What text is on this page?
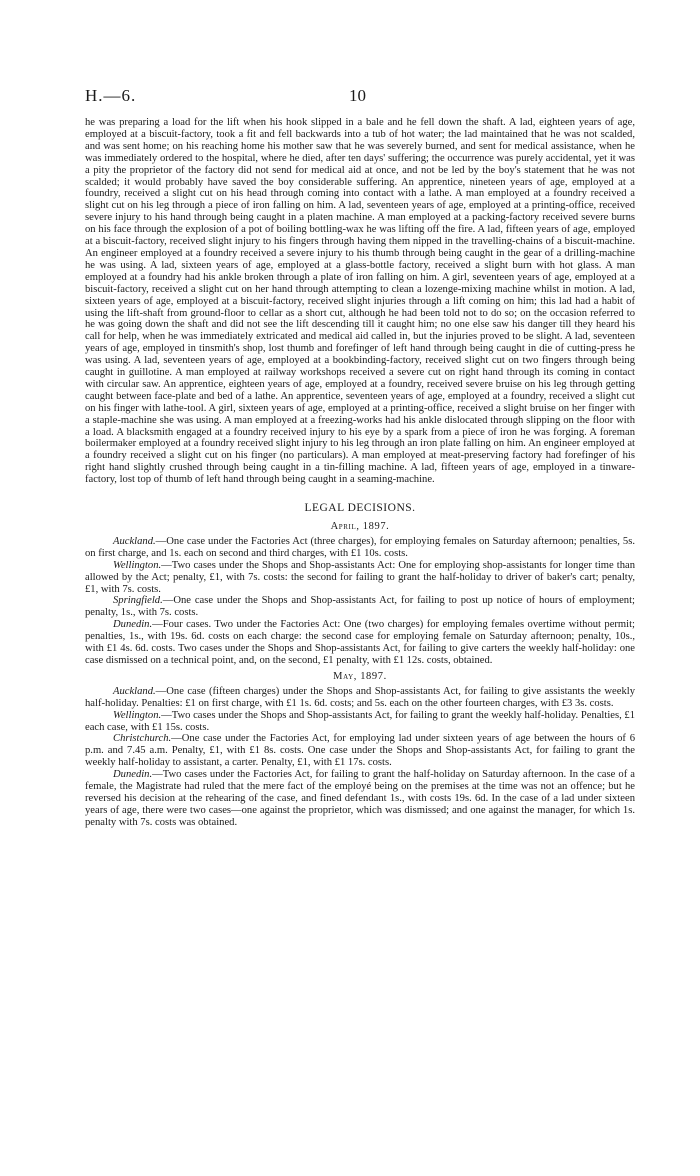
H.—6.	10

he was preparing a load for the lift when his hook slipped in a bale and he fell down the shaft. A lad, eighteen years of age, employed at a biscuit-factory, took a fit and fell backwards into a tub of hot water; the lad maintained that he was not scalded, and was sent home; on his reaching home his mother saw that he was severely burned, and sent for medical assistance, when he was immediately ordered to the hospital, where he died, after ten days' suffering; the occurrence was purely accidental, yet it was a pity the proprietor of the factory did not send for medical aid at once, and not be led by the boy's statement that he was not scalded; it would probably have saved the boy considerable suffering. An apprentice, nineteen years of age, employed at a foundry, received a slight cut on his head through coming into contact with a lathe. A man employed at a foundry received a slight cut on his leg through a piece of iron falling on him. A lad, seventeen years of age, employed at a printing-office, received severe injury to his hand through being caught in a platen machine. A man employed at a packing-factory received severe burns on his face through the explosion of a pot of boiling bottling-wax he was lifting off the fire. A lad, fifteen years of age, employed at a biscuit-factory, received slight injury to his fingers through having them nipped in the travelling-chains of a biscuit-machine. An engineer employed at a foundry received a severe injury to his thumb through being caught in the gear of a drilling-machine he was using. A lad, sixteen years of age, employed at a glass-bottle factory, received a slight burn with hot glass. A man employed at a foundry had his ankle broken through a plate of iron falling on him. A girl, seventeen years of age, employed at a biscuit-factory, received a slight cut on her hand through attempting to clean a lozenge-mixing machine whilst in motion. A lad, sixteen years of age, employed at a biscuit-factory, received slight injuries through a lift coming on him; this lad had a habit of using the lift-shaft from ground-floor to cellar as a short cut, although he had been told not to do so; on the occasion referred to he was going down the shaft and did not see the lift descending till it caught him; no one else saw his danger till they heard his call for help, when he was immediately extricated and medical aid called in, but the injuries proved to be slight. A lad, seventeen years of age, employed in tinsmith's shop, lost thumb and forefinger of left hand through being caught in die of cutting-press he was using. A lad, seventeen years of age, employed at a bookbinding-factory, received slight cut on two fingers through being caught in guillotine. A man employed at railway workshops received a severe cut on right hand through its coming in contact with circular saw. An apprentice, eighteen years of age, employed at a foundry, received severe bruise on his leg through getting caught between face-plate and bed of a lathe. An apprentice, seventeen years of age, employed at a foundry, received a slight cut on his finger with lathe-tool. A girl, sixteen years of age, employed at a printing-office, received a slight bruise on her finger with a staple-machine she was using. A man employed at a freezing-works had his ankle dislocated through slipping on the floor with a load. A blacksmith engaged at a foundry received injury to his eye by a spark from a piece of iron he was forging. A foreman boilermaker employed at a foundry received slight injury to his leg through an iron plate falling on him. An engineer employed at a foundry received a slight cut on his finger (no particulars). A man employed at meat-preserving factory had forefinger of his right hand slightly crushed through being caught in a tin-filling machine. A lad, fifteen years of age, employed in a tinware-factory, lost top of thumb of left hand through being caught in a seaming-machine.

LEGAL DECISIONS.
April, 1897.

Auckland.—One case under the Factories Act (three charges), for employing females on Saturday afternoon; penalties, 5s. on first charge, and 1s. each on second and third charges, with £1 10s. costs.

Wellington.—Two cases under the Shops and Shop-assistants Act: One for employing shop-assistants for longer time than allowed by the Act; penalty, £1, with 7s. costs: the second for failing to grant the half-holiday to driver of baker's cart; penalty, £1, with 7s. costs.

Springfield.—One case under the Shops and Shop-assistants Act, for failing to post up notice of hours of employment; penalty, 1s., with 7s. costs.

Dunedin.—Four cases. Two under the Factories Act: One (two charges) for employing females overtime without permit; penalties, 1s., with 19s. 6d. costs on each charge: the second case for employing female on Saturday afternoon; penalty, 10s., with £1 4s. 6d. costs. Two cases under the Shops and Shop-assistants Act, for failing to give carters the weekly half-holiday: one case dismissed on a technical point, and, on the second, £1 penalty, with £1 12s. costs, obtained.

May, 1897.

Auckland.—One case (fifteen charges) under the Shops and Shop-assistants Act, for failing to give assistants the weekly half-holiday. Penalties: £1 on first charge, with £1 1s. 6d. costs; and 5s. each on the other fourteen charges, with £3 3s. costs.

Wellington.—Two cases under the Shops and Shop-assistants Act, for failing to grant the weekly half-holiday. Penalties, £1 each case, with £1 15s. costs.

Christchurch.—One case under the Factories Act, for employing lad under sixteen years of age between the hours of 6 p.m. and 7.45 a.m. Penalty, £1, with £1 8s. costs. One case under the Shops and Shop-assistants Act, for failing to grant the weekly half-holiday to assistant, a carter. Penalty, £1, with £1 17s. costs.

Dunedin.—Two cases under the Factories Act, for failing to grant the half-holiday on Saturday afternoon. In the case of a female, the Magistrate had ruled that the mere fact of the employé being on the premises at the time was not an offence; but he reversed his decision at the rehearing of the case, and fined defendant 1s., with costs 19s. 6d. In the case of a lad under sixteen years of age, there were two cases—one against the proprietor, which was dismissed; and one against the manager, for which 1s. penalty with 7s. costs was obtained.
